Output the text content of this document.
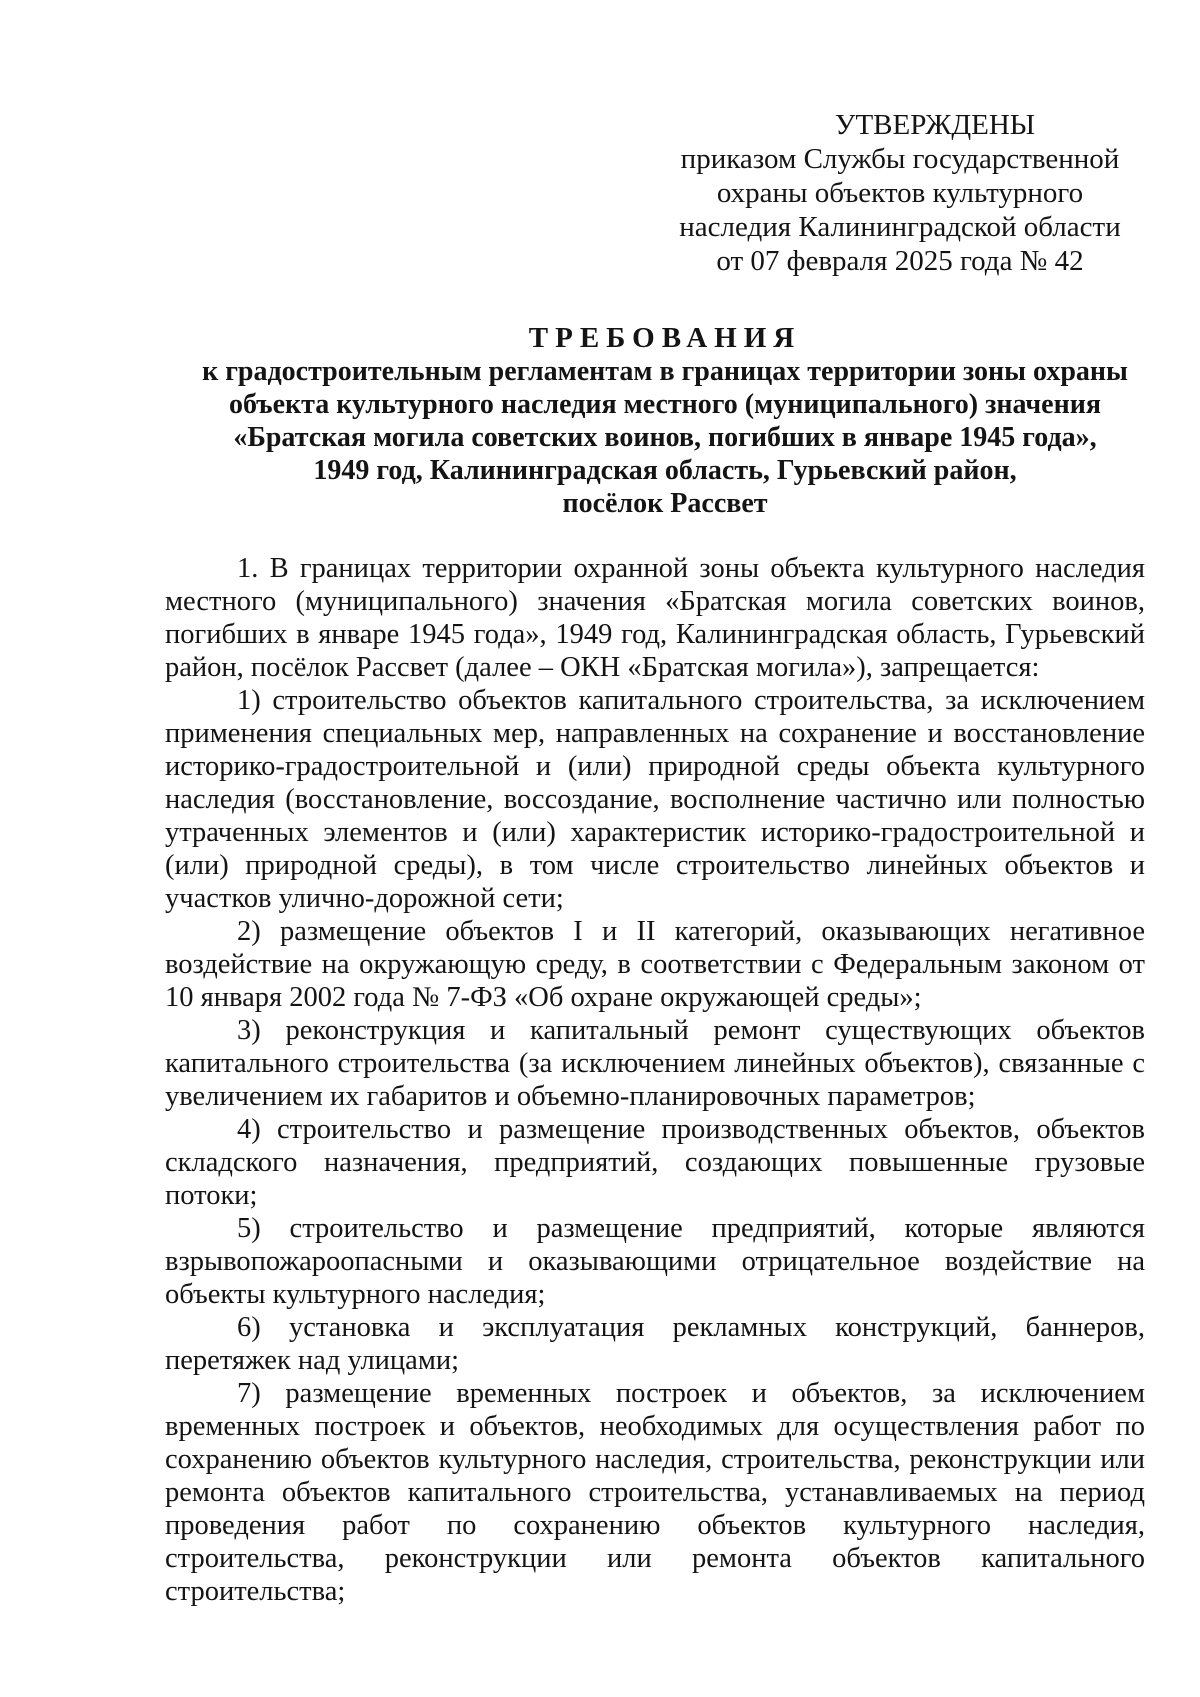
УТВЕРЖДЕНЫ
приказом Службы государственной
охраны объектов культурного
наследия Калининградской области
от 07 февраля 2025 года № 42
ТРЕБОВАНИЯ
к градостроительным регламентам в границах территории зоны охраны
объекта культурного наследия местного (муниципального) значения
«Братская могила советских воинов, погибших в январе 1945 года»,
1949 год, Калининградская область, Гурьевский район,
посёлок Рассвет

1. В границах территории охранной зоны объекта культурного наследия местного (муниципального) значения «Братская могила советских воинов, погибших в январе 1945 года», 1949 год, Калининградская область, Гурьевский район, посёлок Рассвет (далее – ОКН «Братская могила»), запрещается:

1) строительство объектов капитального строительства, за исключением применения специальных мер, направленных на сохранение и восстановление историко-градостроительной и (или) природной среды объекта культурного наследия (восстановление, воссоздание, восполнение частично или полностью утраченных элементов и (или) характеристик историко-градостроительной и (или) природной среды), в том числе строительство линейных объектов и участков улично-дорожной сети;

2) размещение объектов I и II категорий, оказывающих негативное воздействие на окружающую среду, в соответствии с Федеральным законом от 10 января 2002 года № 7-ФЗ «Об охране окружающей среды»;

3) реконструкция и капитальный ремонт существующих объектов капитального строительства (за исключением линейных объектов), связанные с увеличением их габаритов и объемно-планировочных параметров;

4) строительство и размещение производственных объектов, объектов складского назначения, предприятий, создающих повышенные грузовые потоки;

5) строительство и размещение предприятий, которые являются взрывопожароопасными и оказывающими отрицательное воздействие на объекты культурного наследия;

6) установка и эксплуатация рекламных конструкций, баннеров, перетяжек над улицами;

7) размещение временных построек и объектов, за исключением временных построек и объектов, необходимых для осуществления работ по сохранению объектов культурного наследия, строительства, реконструкции или ремонта объектов капитального строительства, устанавливаемых на период проведения работ по сохранению объектов культурного наследия, строительства, реконструкции или ремонта объектов капитального строительства;
